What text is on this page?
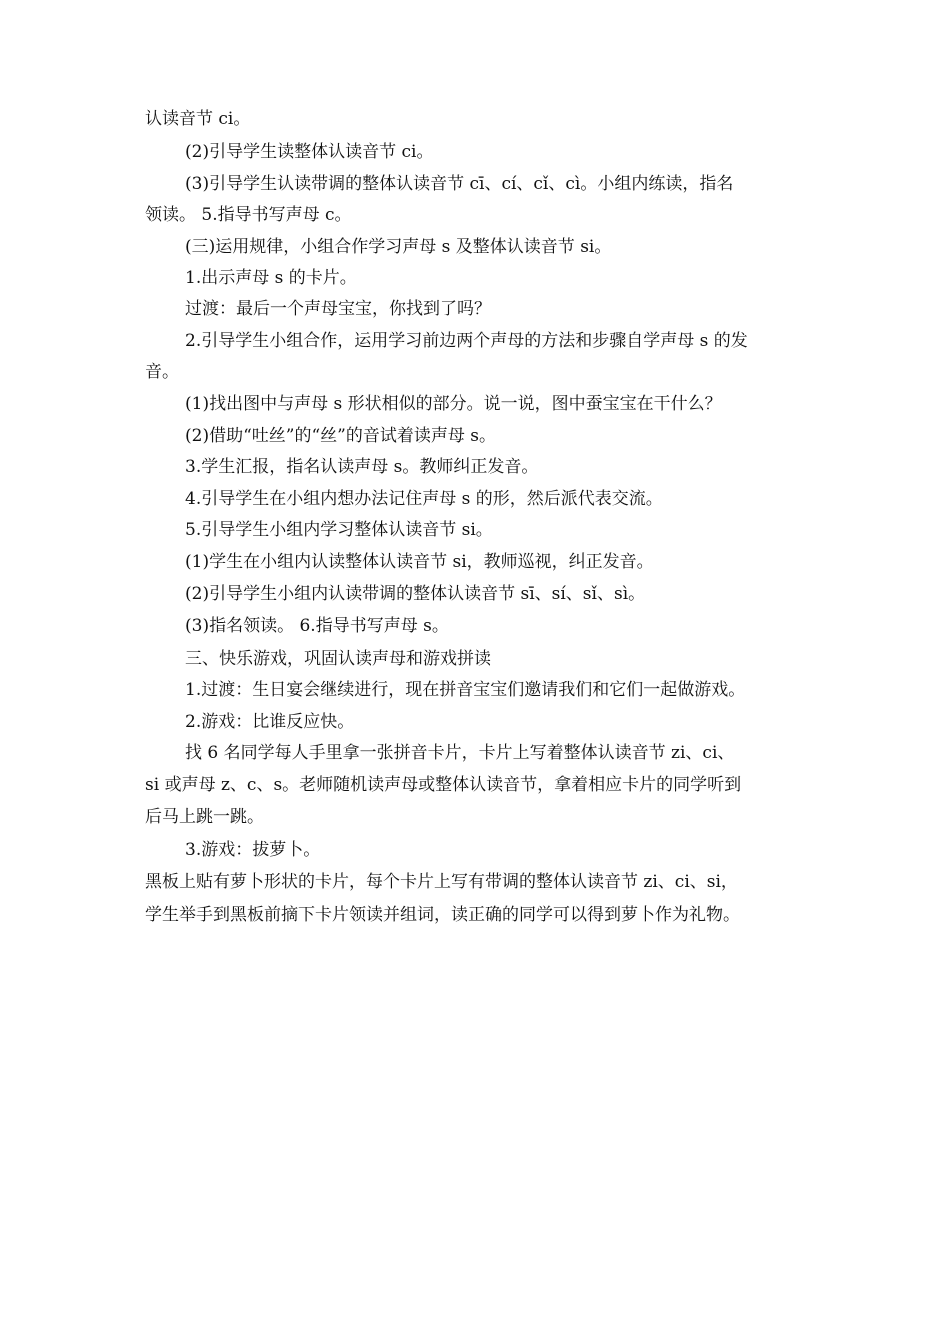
认读音节 ci。
(2)引导学生读整体认读音节 ci。
(3)引导学生认读带调的整体认读音节 cī、cí、cǐ、cì。小组内练读，指名
领读。 5.指导书写声母 c。
(三)运用规律，小组合作学习声母 s 及整体认读音节 si。
1.出示声母 s 的卡片。
过渡：最后一个声母宝宝，你找到了吗？
2.引导学生小组合作，运用学习前边两个声母的方法和步骤自学声母 s 的发
音。
(1)找出图中与声母 s 形状相似的部分。说一说，图中蚕宝宝在干什么？
(2)借助“吐丝”的“丝”的音试着读声母 s。
3.学生汇报，指名认读声母 s。教师纠正发音。
4.引导学生在小组内想办法记住声母 s 的形，然后派代表交流。
5.引导学生小组内学习整体认读音节 si。
(1)学生在小组内认读整体认读音节 si，教师巡视，纠正发音。
(2)引导学生小组内认读带调的整体认读音节 sī、sí、sǐ、sì。
(3)指名领读。 6.指导书写声母 s。
三、快乐游戏，巩固认读声母和游戏拼读
1.过渡：生日宴会继续进行，现在拼音宝宝们邀请我们和它们一起做游戏。
2.游戏：比谁反应快。
找 6 名同学每人手里拿一张拼音卡片，卡片上写着整体认读音节 zi、ci、
si 或声母 z、c、s。老师随机读声母或整体认读音节，拿着相应卡片的同学听到
后马上跳一跳。
3.游戏：拔萝卜。
黑板上贴有萝卜形状的卡片，每个卡片上写有带调的整体认读音节 zi、ci、si，
学生举手到黑板前摘下卡片领读并组词，读正确的同学可以得到萝卜作为礼物。
